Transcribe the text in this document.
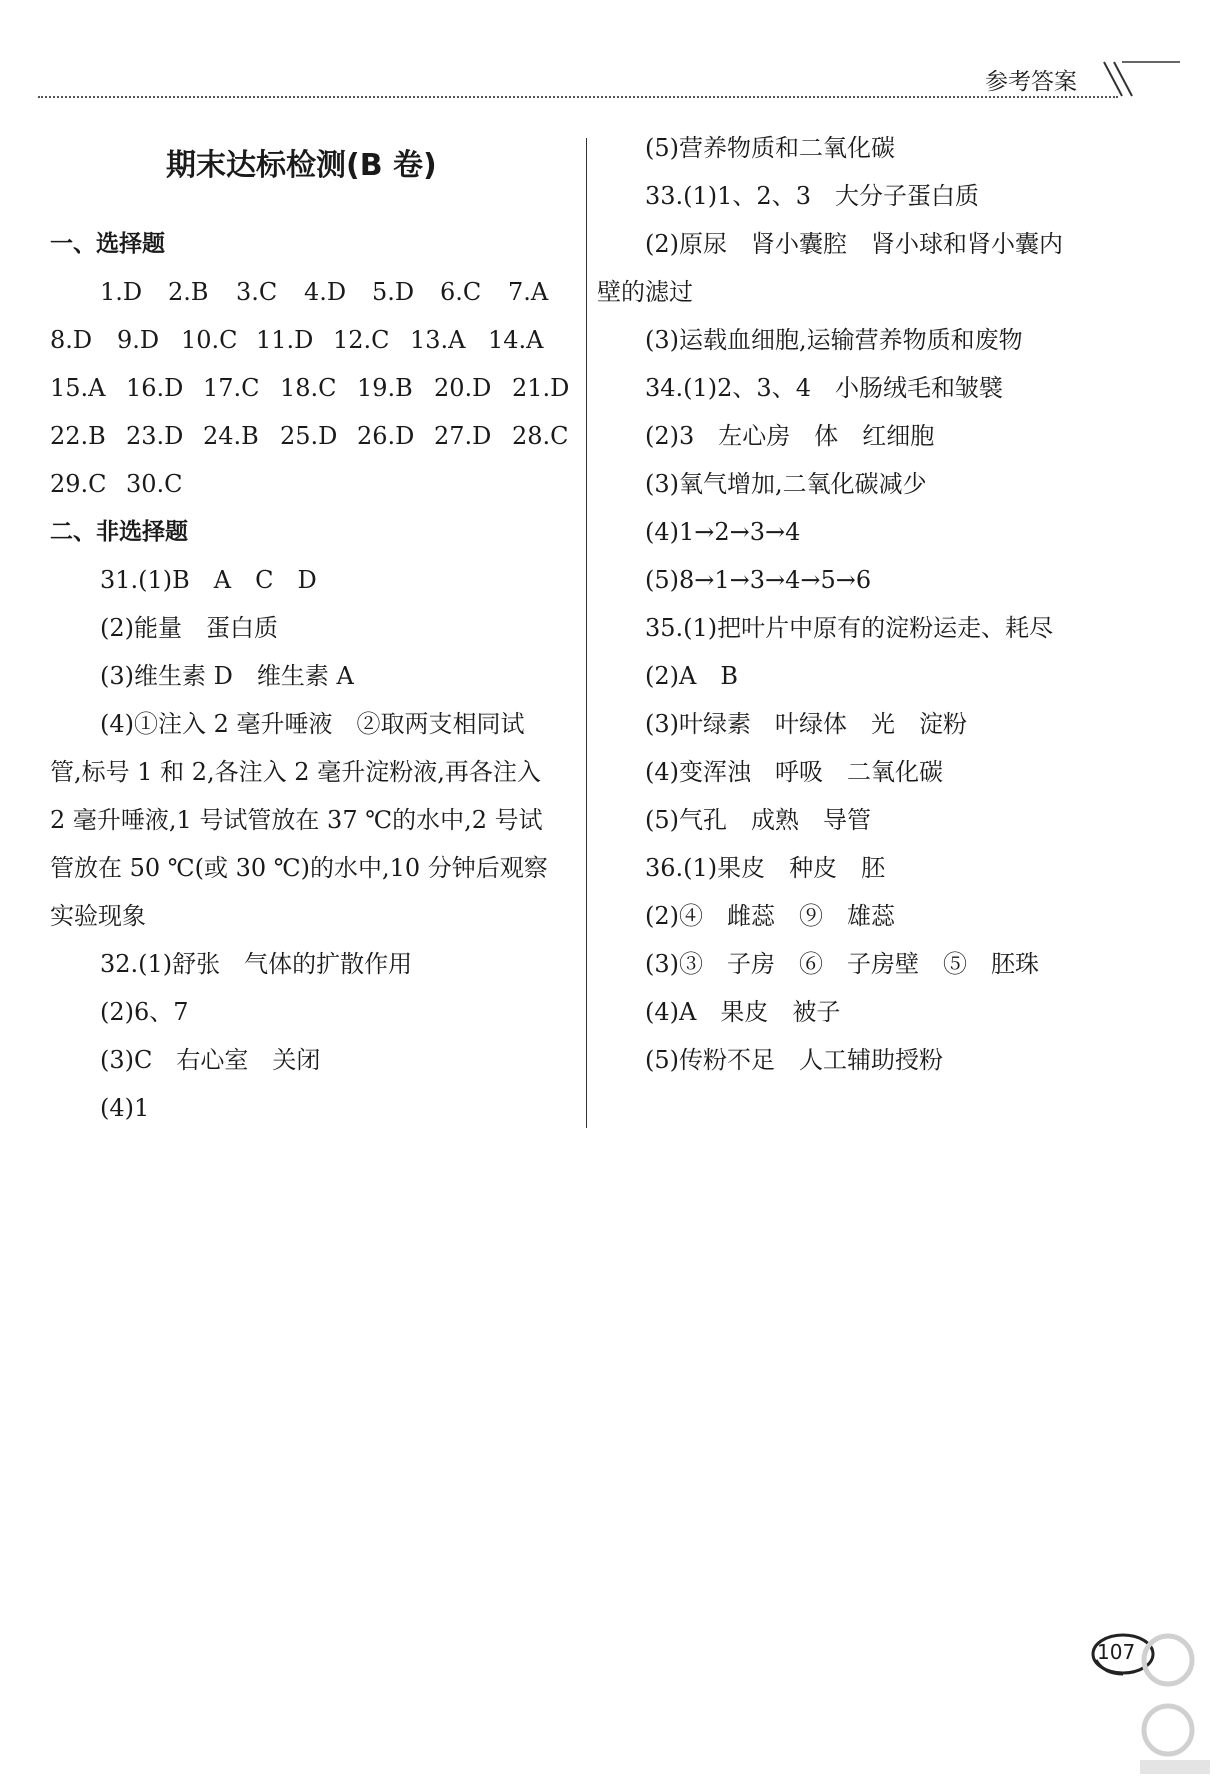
参考答案
期末达标检测(B 卷)
一、选择题
1.D 2.B 3.C 4.D 5.D 6.C 7.A
8.D 9.D 10.C 11.D 12.C 13.A 14.A
15.A 16.D 17.C 18.C 19.B 20.D 21.D
22.B 23.D 24.B 25.D 26.D 27.D 28.C
29.C 30.C
二、非选择题
31.(1)B　A　C　D
(2)能量　蛋白质
(3)维生素 D　维生素 A
(4)①注入 2 毫升唾液　②取两支相同试
管,标号 1 和 2,各注入 2 毫升淀粉液,再各注入
2 毫升唾液,1 号试管放在 37 ℃的水中,2 号试
管放在 50 ℃(或 30 ℃)的水中,10 分钟后观察
实验现象
32.(1)舒张　气体的扩散作用
(2)6、7
(3)C　右心室　关闭
(4)1
(5)营养物质和二氧化碳
33.(1)1、2、3　大分子蛋白质
(2)原尿　肾小囊腔　肾小球和肾小囊内
壁的滤过
(3)运载血细胞,运输营养物质和废物
34.(1)2、3、4　小肠绒毛和皱襞
(2)3　左心房　体　红细胞
(3)氧气增加,二氧化碳减少
(4)1→2→3→4
(5)8→1→3→4→5→6
35.(1)把叶片中原有的淀粉运走、耗尽
(2)A　B
(3)叶绿素　叶绿体　光　淀粉
(4)变浑浊　呼吸　二氧化碳
(5)气孔　成熟　导管
36.(1)果皮　种皮　胚
(2)④　雌蕊　⑨　雄蕊
(3)③　子房　⑥　子房壁　⑤　胚珠
(4)A　果皮　被子
(5)传粉不足　人工辅助授粉
107
